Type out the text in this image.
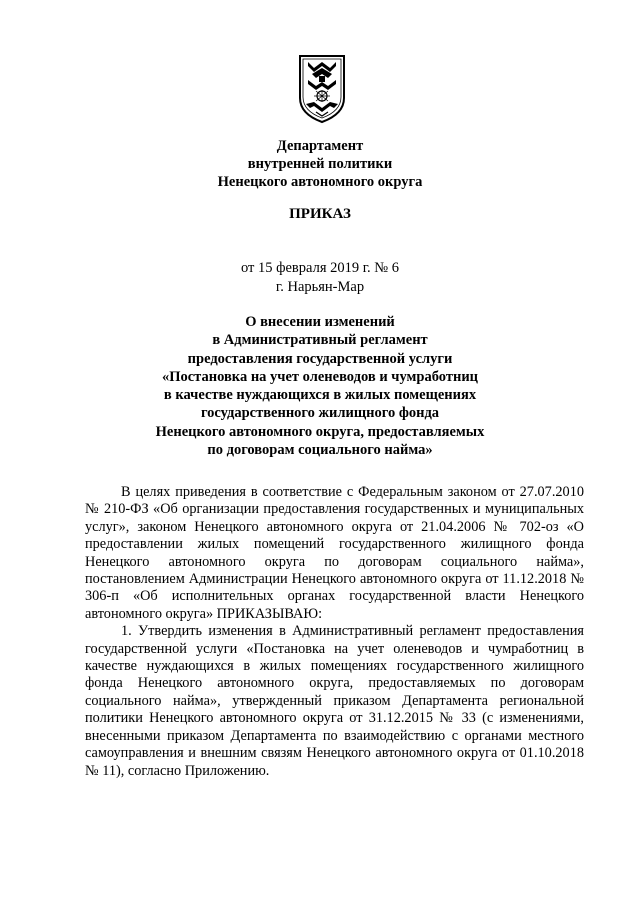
Департамент
внутренней политики
Ненецкого автономного округа
ПРИКАЗ
от 15 февраля 2019 г. № 6
г. Нарьян-Мар
О внесении изменений
в Административный регламент
предоставления государственной услуги
«Постановка на учет оленеводов и чумработниц
в качестве нуждающихся в жилых помещениях
государственного жилищного фонда
Ненецкого автономного округа, предоставляемых
по договорам социального найма»

В целях приведения в соответствие с Федеральным законом от 27.07.2010 № 210-ФЗ «Об организации предоставления государственных и муниципальных услуг», законом Ненецкого автономного округа от 21.04.2006 № 702-оз «О предоставлении жилых помещений государственного жилищного фонда Ненецкого автономного округа по договорам социального найма», постановлением Администрации Ненецкого автономного округа от 11.12.2018 № 306-п «Об исполнительных органах государственной власти Ненецкого автономного округа» ПРИКАЗЫВАЮ:

1. Утвердить изменения в Административный регламент предоставления государственной услуги «Постановка на учет оленеводов и чумработниц в качестве нуждающихся в жилых помещениях государственного жилищного фонда Ненецкого автономного округа, предоставляемых по договорам социального найма», утвержденный приказом Департамента региональной политики Ненецкого автономного округа от 31.12.2015 № 33 (с изменениями, внесенными приказом Департамента по взаимодействию с органами местного самоуправления и внешним связям Ненецкого автономного округа от 01.10.2018 № 11), согласно Приложению.
